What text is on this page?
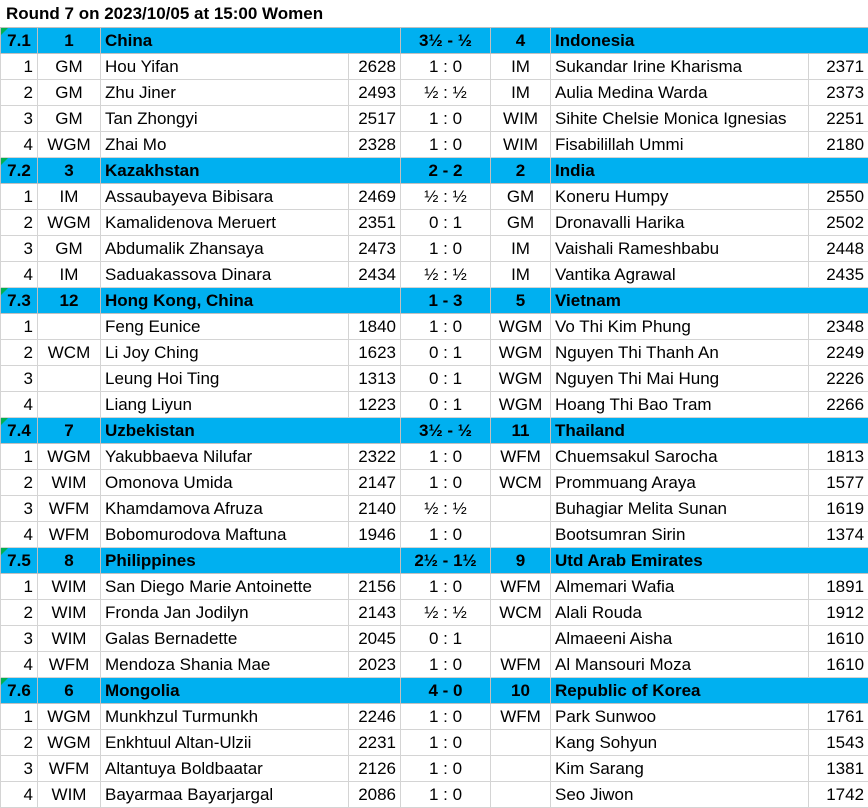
Round 7 on 2023/10/05 at 15:00 Women
7.1	1	China		3½ - ½	4	Indonesia	
1	GM	Hou Yifan	2628	1 : 0	IM	Sukandar Irine Kharisma	2371
2	GM	Zhu Jiner	2493	½ : ½	IM	Aulia Medina Warda	2373
3	GM	Tan Zhongyi	2517	1 : 0	WIM	Sihite Chelsie Monica Ignesias	2251
4	WGM	Zhai Mo	2328	1 : 0	WIM	Fisabilillah Ummi	2180
7.2	3	Kazakhstan		2 - 2	2	India	
1	IM	Assaubayeva Bibisara	2469	½ : ½	GM	Koneru Humpy	2550
2	WGM	Kamalidenova Meruert	2351	0 : 1	GM	Dronavalli Harika	2502
3	GM	Abdumalik Zhansaya	2473	1 : 0	IM	Vaishali Rameshbabu	2448
4	IM	Saduakassova Dinara	2434	½ : ½	IM	Vantika Agrawal	2435
7.3	12	Hong Kong, China		1 - 3	5	Vietnam	
1		Feng Eunice	1840	1 : 0	WGM	Vo Thi Kim Phung	2348
2	WCM	Li Joy Ching	1623	0 : 1	WGM	Nguyen Thi Thanh An	2249
3		Leung Hoi Ting	1313	0 : 1	WGM	Nguyen Thi Mai Hung	2226
4		Liang Liyun	1223	0 : 1	WGM	Hoang Thi Bao Tram	2266
7.4	7	Uzbekistan		3½ - ½	11	Thailand	
1	WGM	Yakubbaeva Nilufar	2322	1 : 0	WFM	Chuemsakul Sarocha	1813
2	WIM	Omonova Umida	2147	1 : 0	WCM	Prommuang Araya	1577
3	WFM	Khamdamova Afruza	2140	½ : ½		Buhagiar Melita Sunan	1619
4	WFM	Bobomurodova Maftuna	1946	1 : 0		Bootsumran Sirin	1374
7.5	8	Philippines		2½ - 1½	9	Utd Arab Emirates	
1	WIM	San Diego Marie Antoinette	2156	1 : 0	WFM	Almemari Wafia	1891
2	WIM	Fronda Jan Jodilyn	2143	½ : ½	WCM	Alali Rouda	1912
3	WIM	Galas Bernadette	2045	0 : 1		Almaeeni Aisha	1610
4	WFM	Mendoza Shania Mae	2023	1 : 0	WFM	Al Mansouri Moza	1610
7.6	6	Mongolia		4 - 0	10	Republic of Korea	
1	WGM	Munkhzul Turmunkh	2246	1 : 0	WFM	Park Sunwoo	1761
2	WGM	Enkhtuul Altan-Ulzii	2231	1 : 0		Kang Sohyun	1543
3	WFM	Altantuya Boldbaatar	2126	1 : 0		Kim Sarang	1381
4	WIM	Bayarmaa Bayarjargal	2086	1 : 0		Seo Jiwon	1742
